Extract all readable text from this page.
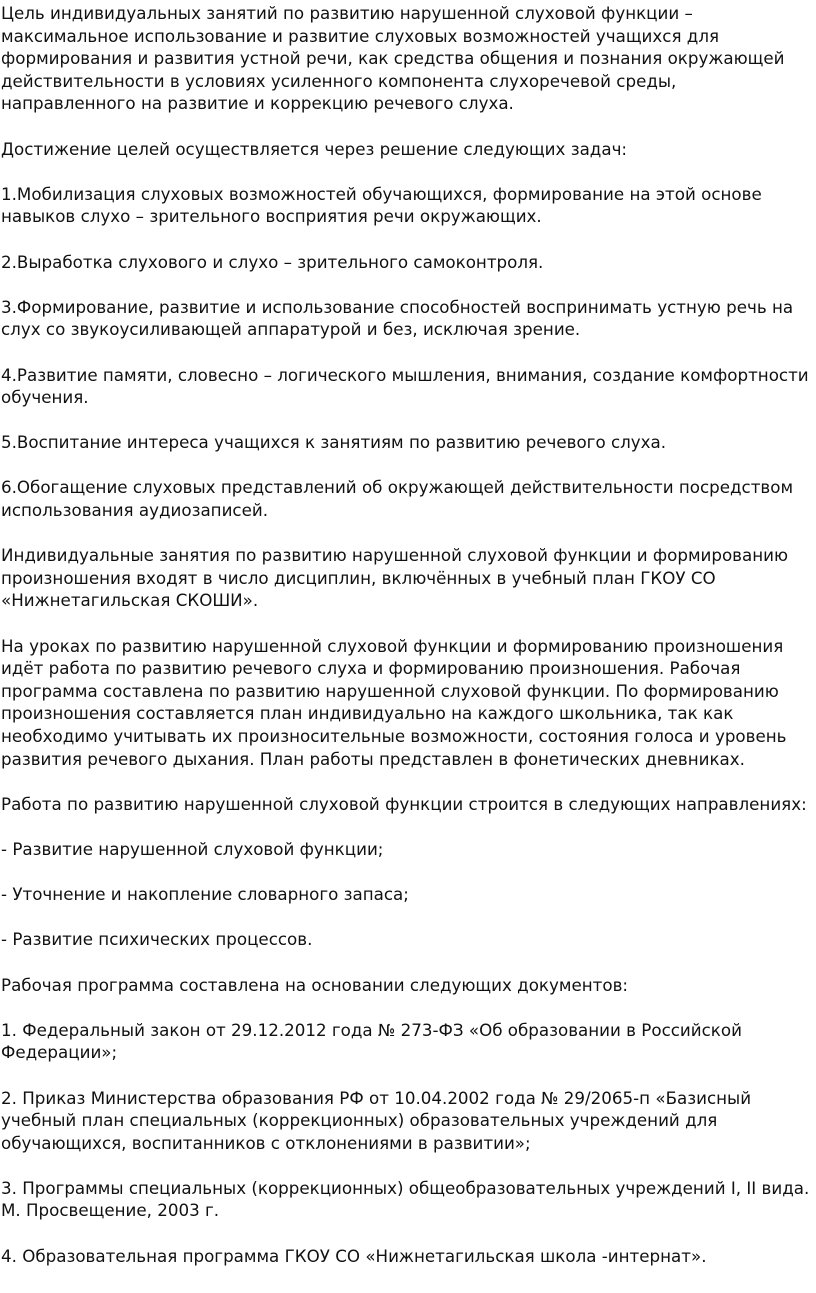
Цель индивидуальных занятий по развитию нарушенной слуховой функции – максимальное использование и развитие слуховых возможностей учащихся для формирования и развития устной речи, как средства общения и познания окружающей действительности в условиях усиленного компонента слухоречевой среды, направленного на развитие и коррекцию речевого слуха.

Достижение целей осуществляется через решение следующих задач:

1.Мобилизация слуховых возможностей обучающихся, формирование на этой основе навыков слухо – зрительного восприятия речи окружающих.

2.Выработка слухового и слухо – зрительного самоконтроля.

3.Формирование, развитие и использование способностей воспринимать устную речь на слух со звукоусиливающей аппаратурой и без, исключая зрение.

4.Развитие памяти, словесно – логического мышления, внимания, создание комфортности обучения.

5.Воспитание интереса учащихся к занятиям по развитию речевого слуха.

6.Обогащение слуховых представлений об окружающей действительности посредством использования аудиозаписей.

Индивидуальные занятия по развитию нарушенной слуховой функции и формированию произношения входят в число дисциплин, включённых в учебный план ГКОУ СО «Нижнетагильская СКОШИ».

На уроках по развитию нарушенной слуховой функции и формированию произношения идёт работа по развитию речевого слуха и формированию произношения. Рабочая программа составлена по развитию нарушенной слуховой функции. По формированию произношения составляется план индивидуально на каждого школьника, так как необходимо учитывать их произносительные возможности, состояния голоса и уровень развития речевого дыхания. План работы представлен в фонетических дневниках.

Работа по развитию нарушенной слуховой функции строится в следующих направлениях:

- Развитие нарушенной слуховой функции;

- Уточнение и накопление словарного запаса;

- Развитие психических процессов.

Рабочая программа составлена на основании следующих документов:

1. Федеральный закон от 29.12.2012 года № 273-ФЗ «Об образовании в Российской Федерации»;

2. Приказ Министерства образования РФ от 10.04.2002 года № 29/2065-п «Базисный учебный план специальных (коррекционных) образовательных учреждений для обучающихся, воспитанников с отклонениями в развитии»;

3. Программы специальных (коррекционных) общеобразовательных учреждений I, II вида. М. Просвещение, 2003 г.

4. Образовательная программа ГКОУ СО «Нижнетагильская школа -интернат».
